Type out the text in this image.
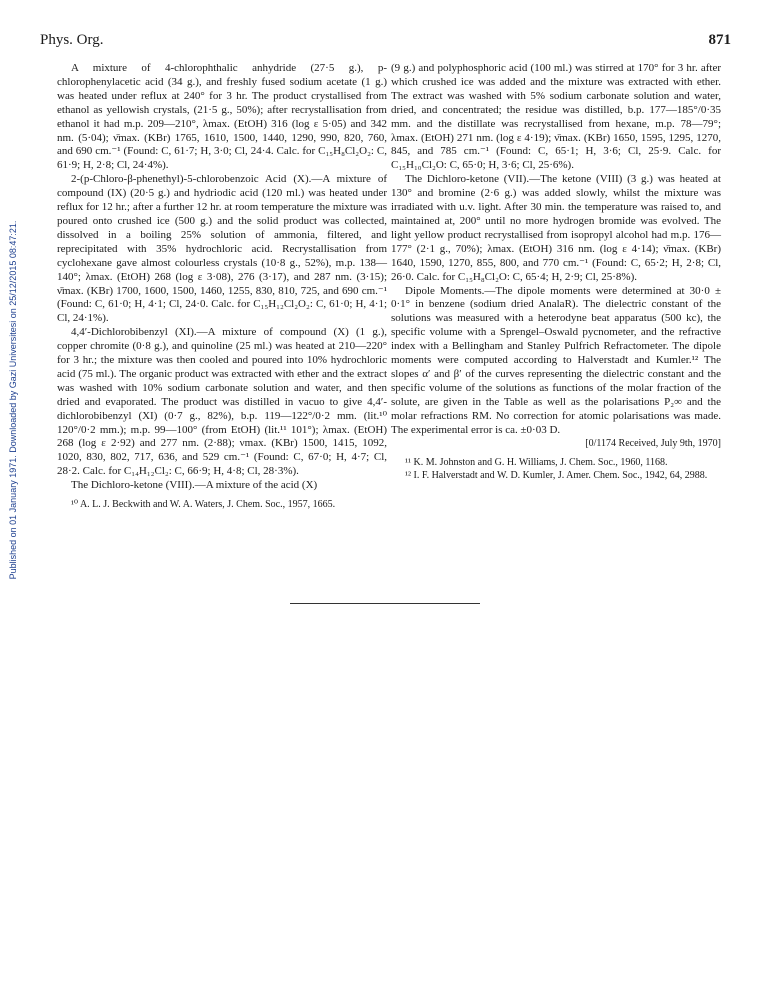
Phys. Org.	871
Published on 01 January 1971. Downloaded by Gazi Universitesi on 25/12/2015 08:47:21.

A mixture of 4-chlorophthalic anhydride (27·5 g.), p-chlorophenylacetic acid (34 g.), and freshly fused sodium acetate (1 g.) was heated under reflux at 240° for 3 hr. The product crystallised from ethanol as yellowish crystals, (21·5 g., 50%); after recrystallisation from ethanol it had m.p. 209—210°, λmax. (EtOH) 316 (log ε 5·05) and 342 nm. (5·04); ν̄max. (KBr) 1765, 1610, 1500, 1440, 1290, 990, 820, 760, and 690 cm.⁻¹ (Found: C, 61·7; H, 3·0; Cl, 24·4. Calc. for C₁₅H₈Cl₂O₂: C, 61·9; H, 2·8; Cl, 24·4%).

2-(p-Chloro-β-phenethyl)-5-chlorobenzoic Acid (X).—A mixture of compound (IX) (20·5 g.) and hydriodic acid (120 ml.) was heated under reflux for 12 hr.; after a further 12 hr. at room temperature the mixture was poured onto crushed ice (500 g.) and the solid product was collected, dissolved in a boiling 25% solution of ammonia, filtered, and reprecipitated with 35% hydrochloric acid. Recrystallisation from cyclohexane gave almost colourless crystals (10·8 g., 52%), m.p. 138—140°; λmax. (EtOH) 268 (log ε 3·08), 276 (3·17), and 287 nm. (3·15); ν̄max. (KBr) 1700, 1600, 1500, 1460, 1255, 830, 810, 725, and 690 cm.⁻¹ (Found: C, 61·0; H, 4·1; Cl, 24·0. Calc. for C₁₅H₁₂Cl₂O₂: C, 61·0; H, 4·1; Cl, 24·1%).

4,4′-Dichlorobibenzyl (XI).—A mixture of compound (X) (1 g.), copper chromite (0·8 g.), and quinoline (25 ml.) was heated at 210—220° for 3 hr.; the mixture was then cooled and poured into 10% hydrochloric acid (75 ml.). The organic product was extracted with ether and the extract was washed with 10% sodium carbonate solution and water, and then dried and evaporated. The product was distilled in vacuo to give 4,4′-dichlorobibenzyl (XI) (0·7 g., 82%), b.p. 119—122°/0·2 mm. (lit.¹⁰ 120°/0·2 mm.); m.p. 99—100° (from EtOH) (lit.¹¹ 101°); λmax. (EtOH) 268 (log ε 2·92) and 277 nm. (2·88); νmax. (KBr) 1500, 1415, 1092, 1020, 830, 802, 717, 636, and 529 cm.⁻¹ (Found: C, 67·0; H, 4·7; Cl, 28·2. Calc. for C₁₄H₁₂Cl₂: C, 66·9; H, 4·8; Cl, 28·3%).

The Dichloro-ketone (VIII).—A mixture of the acid (X)

¹⁰ A. L. J. Beckwith and W. A. Waters, J. Chem. Soc., 1957, 1665.

(9 g.) and polyphosphoric acid (100 ml.) was stirred at 170° for 3 hr. after which crushed ice was added and the mixture was extracted with ether. The extract was washed with 5% sodium carbonate solution and water, dried, and concentrated; the residue was distilled, b.p. 177—185°/0·35 mm. and the distillate was recrystallised from hexane, m.p. 78—79°; λmax. (EtOH) 271 nm. (log ε 4·19); ν̄max. (KBr) 1650, 1595, 1295, 1270, 845, and 785 cm.⁻¹ (Found: C, 65·1; H, 3·6; Cl, 25·9. Calc. for C₁₅H₁₀Cl₂O: C, 65·0; H, 3·6; Cl, 25·6%).

The Dichloro-ketone (VII).—The ketone (VIII) (3 g.) was heated at 130° and bromine (2·6 g.) was added slowly, whilst the mixture was irradiated with u.v. light. After 30 min. the temperature was raised to, and maintained at, 200° until no more hydrogen bromide was evolved. The light yellow product recrystallised from isopropyl alcohol had m.p. 176—177° (2·1 g., 70%); λmax. (EtOH) 316 nm. (log ε 4·14); ν̄max. (KBr) 1640, 1590, 1270, 855, 800, and 770 cm.⁻¹ (Found: C, 65·2; H, 2·8; Cl, 26·0. Calc. for C₁₅H₈Cl₂O: C, 65·4; H, 2·9; Cl, 25·8%).

Dipole Moments.—The dipole moments were determined at 30·0 ± 0·1° in benzene (sodium dried AnalaR). The dielectric constant of the solutions was measured with a heterodyne beat apparatus (500 kc), the specific volume with a Sprengel–Oswald pycnometer, and the refractive index with a Bellingham and Stanley Pulfrich Refractometer. The dipole moments were computed according to Halverstadt and Kumler.¹² The slopes α′ and β′ of the curves representing the dielectric constant and the specific volume of the solutions as functions of the molar fraction of the solute, are given in the Table as well as the polarisations P₂∞ and the molar refractions RM. No correction for atomic polarisations was made. The experimental error is ca. ±0·03 D.

[0/1174 Received, July 9th, 1970]

¹¹ K. M. Johnston and G. H. Williams, J. Chem. Soc., 1960, 1168.

¹² I. F. Halverstadt and W. D. Kumler, J. Amer. Chem. Soc., 1942, 64, 2988.
